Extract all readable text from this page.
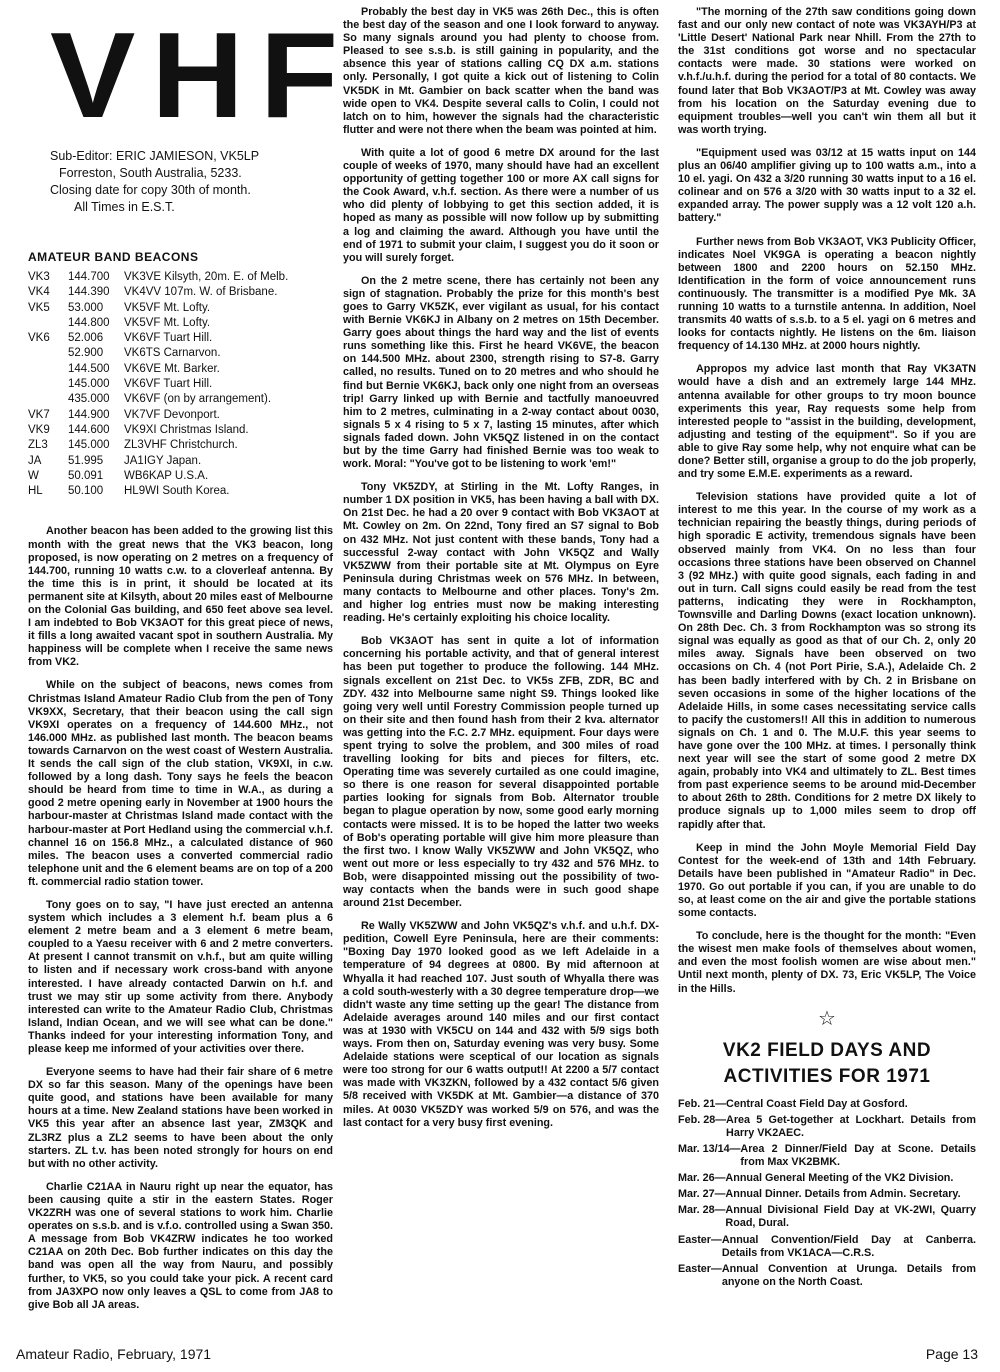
VHF
Sub-Editor: ERIC JAMIESON, VK5LP
Forreston, South Australia, 5233.
Closing date for copy 30th of month.
All Times in E.S.T.
AMATEUR BAND BEACONS
VK3	144.700	VK3VE Kilsyth, 20m. E. of Melb.
VK4	144.390	VK4VV 107m. W. of Brisbane.
VK5	53.000	VK5VF Mt. Lofty.
	144.800	VK5VF Mt. Lofty.
VK6	52.006	VK6VF Tuart Hill.
	52.900	VK6TS Carnarvon.
	144.500	VK6VE Mt. Barker.
	145.000	VK6VF Tuart Hill.
	435.000	VK6VF (on by arrangement).
VK7	144.900	VK7VF Devonport.
VK9	144.600	VK9XI Christmas Island.
ZL3	145.000	ZL3VHF Christchurch.
JA	51.995	JA1IGY Japan.
W	50.091	WB6KAP U.S.A.
HL	50.100	HL9WI South Korea.

Another beacon has been added to the growing list this month with the great news that the VK3 beacon, long proposed, is now operating on 2 metres on a frequency of 144.700, running 10 watts c.w. to a cloverleaf antenna. By the time this is in print, it should be located at its permanent site at Kilsyth, about 20 miles east of Melbourne on the Colonial Gas building, and 650 feet above sea level. I am indebted to Bob VK3AOT for this great piece of news, it fills a long awaited vacant spot in southern Australia. My happiness will be complete when I receive the same news from VK2.

While on the subject of beacons, news comes from Christmas Island Amateur Radio Club from the pen of Tony VK9XX, Secretary, that their beacon using the call sign VK9XI operates on a frequency of 144.600 MHz., not 146.000 MHz. as published last month. The beacon beams towards Carnarvon on the west coast of Western Australia. It sends the call sign of the club station, VK9XI, in c.w. followed by a long dash. Tony says he feels the beacon should be heard from time to time in W.A., as during a good 2 metre opening early in November at 1900 hours the harbour-master at Christmas Island made contact with the harbour-master at Port Hedland using the commercial v.h.f. channel 16 on 156.8 MHz., a calculated distance of 960 miles. The beacon uses a converted commercial radio telephone unit and the 6 element beams are on top of a 200 ft. commercial radio station tower.

Tony goes on to say, "I have just erected an antenna system which includes a 3 element h.f. beam plus a 6 element 2 metre beam and a 3 element 6 metre beam, coupled to a Yaesu receiver with 6 and 2 metre converters. At present I cannot transmit on v.h.f., but am quite willing to listen and if necessary work cross-band with anyone interested. I have already contacted Darwin on h.f. and trust we may stir up some activity from there. Anybody interested can write to the Amateur Radio Club, Christmas Island, Indian Ocean, and we will see what can be done." Thanks indeed for your interesting information Tony, and please keep me informed of your activities over there.

Everyone seems to have had their fair share of 6 metre DX so far this season. Many of the openings have been quite good, and stations have been available for many hours at a time. New Zealand stations have been worked in VK5 this year after an absence last year, ZM3QK and ZL3RZ plus a ZL2 seems to have been about the only starters. ZL t.v. has been noted strongly for hours on end but with no other activity.

Charlie C21AA in Nauru right up near the equator, has been causing quite a stir in the eastern States. Roger VK2ZRH was one of several stations to work him. Charlie operates on s.s.b. and is v.f.o. controlled using a Swan 350. A message from Bob VK4ZRW indicates he too worked C21AA on 20th Dec. Bob further indicates on this day the band was open all the way from Nauru, and possibly further, to VK5, so you could take your pick. A recent card from JA3XPO now only leaves a QSL to come from JA8 to give Bob all JA areas.

Probably the best day in VK5 was 26th Dec., this is often the best day of the season and one I look forward to anyway. So many signals around you had plenty to choose from. Pleased to see s.s.b. is still gaining in popularity, and the absence this year of stations calling CQ DX a.m. stations only. Personally, I got quite a kick out of listening to Colin VK5DK in Mt. Gambier on back scatter when the band was wide open to VK4. Despite several calls to Colin, I could not latch on to him, however the signals had the characteristic flutter and were not there when the beam was pointed at him.

With quite a lot of good 6 metre DX around for the last couple of weeks of 1970, many should have had an excellent opportunity of getting together 100 or more AX call signs for the Cook Award, v.h.f. section. As there were a number of us who did plenty of lobbying to get this section added, it is hoped as many as possible will now follow up by submitting a log and claiming the award. Although you have until the end of 1971 to submit your claim, I suggest you do it soon or you will surely forget.

On the 2 metre scene, there has certainly not been any sign of stagnation. Probably the prize for this month's best goes to Garry VK5ZK, ever vigilant as usual, for his contact with Bernie VK6KJ in Albany on 2 metres on 15th December. Garry goes about things the hard way and the list of events runs something like this. First he heard VK6VE, the beacon on 144.500 MHz. about 2300, strength rising to S7-8. Garry called, no results. Tuned on to 20 metres and who should he find but Bernie VK6KJ, back only one night from an overseas trip! Garry linked up with Bernie and tactfully manoeuvred him to 2 metres, culminating in a 2-way contact about 0030, signals 5 x 4 rising to 5 x 7, lasting 15 minutes, after which signals faded down. John VK5QZ listened in on the contact but by the time Garry had finished Bernie was too weak to work. Moral: "You've got to be listening to work 'em!"

Tony VK5ZDY, at Stirling in the Mt. Lofty Ranges, in number 1 DX position in VK5, has been having a ball with DX. On 21st Dec. he had a 20 over 9 contact with Bob VK3AOT at Mt. Cowley on 2m. On 22nd, Tony fired an S7 signal to Bob on 432 MHz. Not just content with these bands, Tony had a successful 2-way contact with John VK5QZ and Wally VK5ZWW from their portable site at Mt. Olympus on Eyre Peninsula during Christmas week on 576 MHz. In between, many contacts to Melbourne and other places. Tony's 2m. and higher log entries must now be making interesting reading. He's certainly exploiting his choice locality.

Bob VK3AOT has sent in quite a lot of information concerning his portable activity, and that of general interest has been put together to produce the following. 144 MHz. signals excellent on 21st Dec. to VK5s ZFB, ZDR, BC and ZDY. 432 into Melbourne same night S9. Things looked like going very well until Forestry Commission people turned up on their site and then found hash from their 2 kva. alternator was getting into the F.C. 2.7 MHz. equipment. Four days were spent trying to solve the problem, and 300 miles of road travelling looking for bits and pieces for filters, etc. Operating time was severely curtailed as one could imagine, so there is one reason for several disappointed portable parties looking for signals from Bob. Alternator trouble began to plague operation by now, some good early morning contacts were missed. It is to be hoped the latter two weeks of Bob's operating portable will give him more pleasure than the first two. I know Wally VK5ZWW and John VK5QZ, who went out more or less especially to try 432 and 576 MHz. to Bob, were disappointed missing out the possibility of two-way contacts when the bands were in such good shape around 21st December.

Re Wally VK5ZWW and John VK5QZ's v.h.f. and u.h.f. DX-pedition, Cowell Eyre Peninsula, here are their comments: "Boxing Day 1970 looked good as we left Adelaide in a temperature of 94 degrees at 0800. By mid afternoon at Whyalla it had reached 107. Just south of Whyalla there was a cold south-westerly with a 30 degree temperature drop—we didn't waste any time setting up the gear! The distance from Adelaide averages around 140 miles and our first contact was at 1930 with VK5CU on 144 and 432 with 5/9 sigs both ways. From then on, Saturday evening was very busy. Some Adelaide stations were sceptical of our location as signals were too strong for our 6 watts output!! At 2200 a 5/7 contact was made with VK3ZKN, followed by a 432 contact 5/6 given 5/8 received with VK5DK at Mt. Gambier—a distance of 370 miles. At 0030 VK5ZDY was worked 5/9 on 576, and was the last contact for a very busy first evening.

"The morning of the 27th saw conditions going down fast and our only new contact of note was VK3AYH/P3 at 'Little Desert' National Park near Nhill. From the 27th to the 31st conditions got worse and no spectacular contacts were made. 30 stations were worked on v.h.f./u.h.f. during the period for a total of 80 contacts. We found later that Bob VK3AOT/P3 at Mt. Cowley was away from his location on the Saturday evening due to equipment troubles—well you can't win them all but it was worth trying.

"Equipment used was 03/12 at 15 watts input on 144 plus an 06/40 amplifier giving up to 100 watts a.m., into a 10 el. yagi. On 432 a 3/20 running 30 watts input to a 16 el. colinear and on 576 a 3/20 with 30 watts input to a 32 el. expanded array. The power supply was a 12 volt 120 a.h. battery."

Further news from Bob VK3AOT, VK3 Publicity Officer, indicates Noel VK9GA is operating a beacon nightly between 1800 and 2200 hours on 52.150 MHz. Identification in the form of voice announcement runs continuously. The transmitter is a modified Pye Mk. 3A running 10 watts to a turnstile antenna. In addition, Noel transmits 40 watts of s.s.b. to a 5 el. yagi on 6 metres and looks for contacts nightly. He listens on the 6m. liaison frequency of 14.130 MHz. at 2000 hours nightly.

Appropos my advice last month that Ray VK3ATN would have a dish and an extremely large 144 MHz. antenna available for other groups to try moon bounce experiments this year, Ray requests some help from interested people to "assist in the building, development, adjusting and testing of the equipment". So if you are able to give Ray some help, why not enquire what can be done? Better still, organise a group to do the job properly, and try some E.M.E. experiments as a reward.

Television stations have provided quite a lot of interest to me this year. In the course of my work as a technician repairing the beastly things, during periods of high sporadic E activity, tremendous signals have been observed mainly from VK4. On no less than four occasions three stations have been observed on Channel 3 (92 MHz.) with quite good signals, each fading in and out in turn. Call signs could easily be read from the test patterns, indicating they were in Rockhampton, Townsville and Darling Downs (exact location unknown). On 28th Dec. Ch. 3 from Rockhampton was so strong its signal was equally as good as that of our Ch. 2, only 20 miles away. Signals have been observed on two occasions on Ch. 4 (not Port Pirie, S.A.), Adelaide Ch. 2 has been badly interfered with by Ch. 2 in Brisbane on seven occasions in some of the higher locations of the Adelaide Hills, in some cases necessitating service calls to pacify the customers!! All this in addition to numerous signals on Ch. 1 and 0. The M.U.F. this year seems to have gone over the 100 MHz. at times. I personally think next year will see the start of some good 2 metre DX again, probably into VK4 and ultimately to ZL. Best times from past experience seems to be around mid-December to about 26th to 28th. Conditions for 2 metre DX likely to produce signals up to 1,000 miles seem to drop off rapidly after that.

Keep in mind the John Moyle Memorial Field Day Contest for the week-end of 13th and 14th February. Details have been published in "Amateur Radio" in Dec. 1970. Go out portable if you can, if you are unable to do so, at least come on the air and give the portable stations some contacts.

To conclude, here is the thought for the month: "Even the wisest men make fools of themselves about women, and even the most foolish women are wise about men." Until next month, plenty of DX. 73, Eric VK5LP, The Voice in the Hills.

☆
VK2 FIELD DAYS AND
ACTIVITIES FOR 1971
Feb. 21— Central Coast Field Day at Gosford.
Feb. 28— Area 5 Get-together at Lockhart. Details from Harry VK2AEC.
Mar. 13/14— Area 2 Dinner/Field Day at Scone. Details from Max VK2BMK.
Mar. 26— Annual General Meeting of the VK2 Division.
Mar. 27— Annual Dinner. Details from Admin. Secretary.
Mar. 28— Annual Divisional Field Day at VK-2WI, Quarry Road, Dural.
Easter— Annual Convention/Field Day at Canberra. Details from VK1ACA—C.R.S.
Easter— Annual Convention at Urunga. Details from anyone on the North Coast.
Amateur Radio, February, 1971	Page 13
